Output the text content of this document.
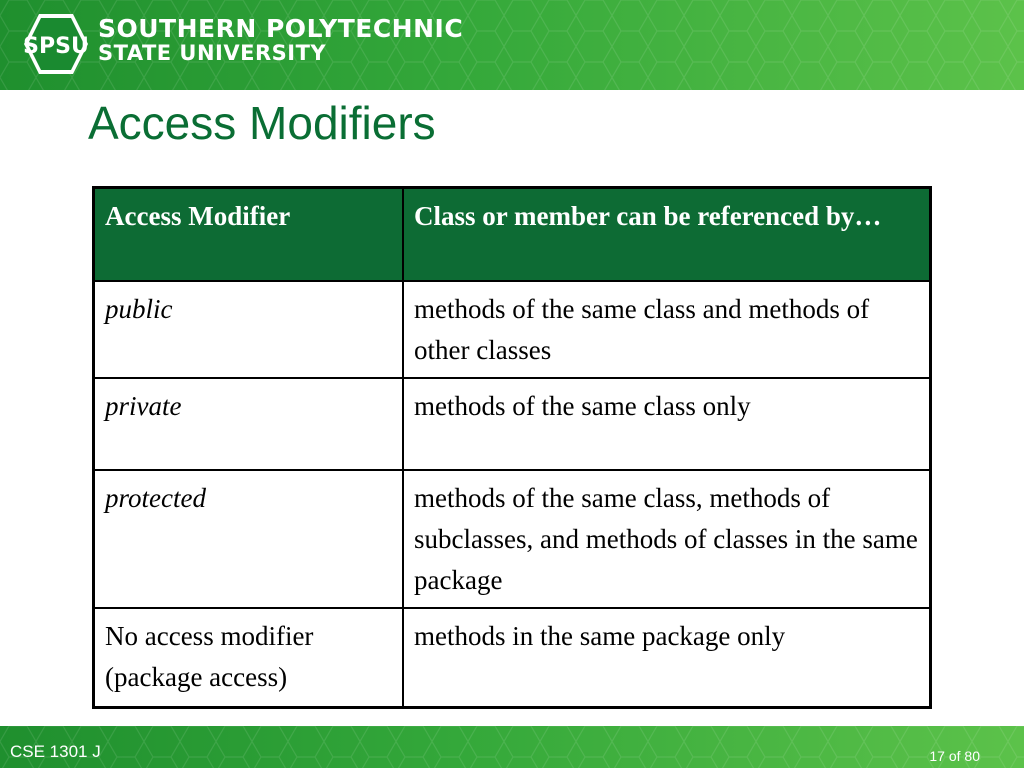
SPSU
SOUTHERN POLYTECHNIC
STATE UNIVERSITY
Access Modifiers
Access Modifier	Class or member can be referenced by…
public	methods of the same class and methods of other classes
private	methods of the same class only
protected	methods of the same class, methods of subclasses, and methods of classes in the same package
No access modifier (package access)	methods in the same package only
CSE 1301 J	17 of 80
